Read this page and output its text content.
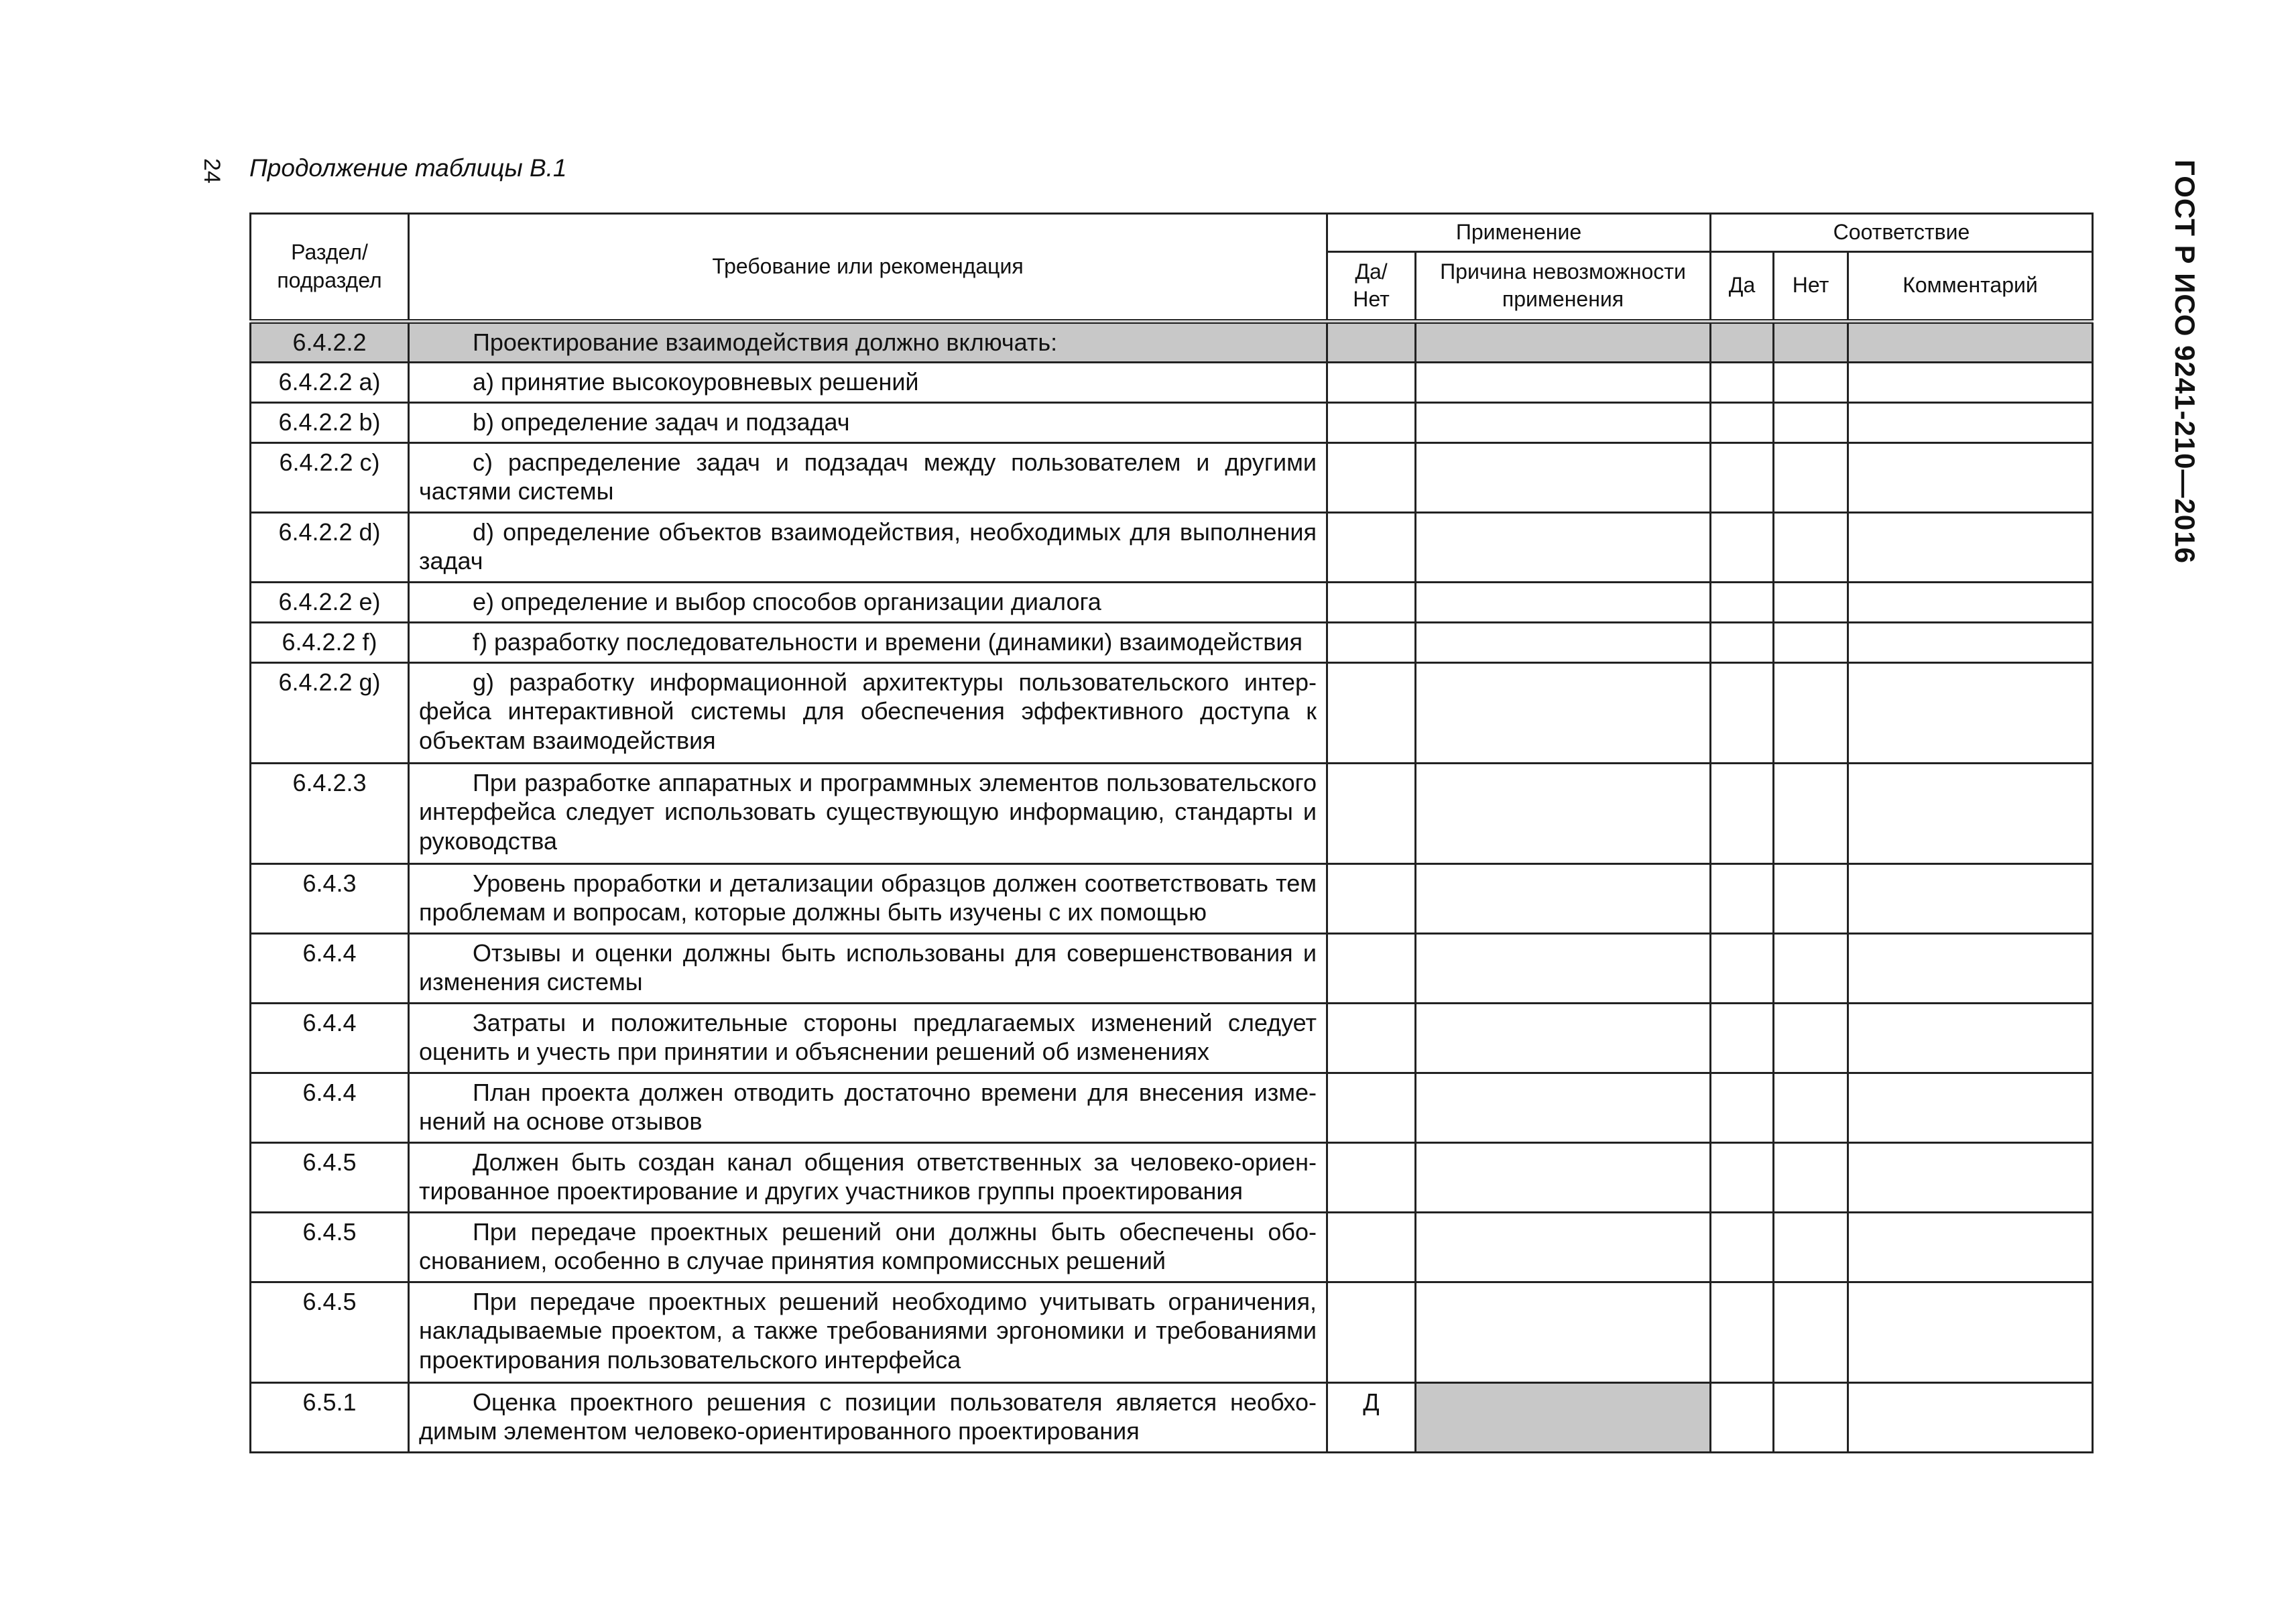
24 Продолжение таблицы В.1	ГОСТ Р ИСО 9241-210—2016
Раздел/ подраздел	Требование или рекомендация	Применение		Соответствие		
		Да/ Нет	Причина невозможности применения	Да	Нет	Комментарий
6.4.2.2	Проектирование взаимодействия должно включать:					
6.4.2.2 a)	a) принятие высокоуровневых решений					
6.4.2.2 b)	b) определение задач и подзадач					
6.4.2.2 c)	c) распределение задач и подзадач между пользователем и другими частями системы					
6.4.2.2 d)	d) определение объектов взаимодействия, необходимых для выполнения задач					
6.4.2.2 e)	e) определение и выбор способов организации диалога					
6.4.2.2 f)	f) разработку последовательности и времени (динамики) взаимодействия					
6.4.2.2 g)	g) разработку информационной архитектуры пользовательского интерфейса интерактивной системы для обеспечения эффективного доступа к объектам взаимодействия					
6.4.2.3	При разработке аппаратных и программных элементов пользовательского интерфейса следует использовать существующую информацию, стандарты и руководства					
6.4.3	Уровень проработки и детализации образцов должен соответствовать тем проблемам и вопросам, которые должны быть изучены с их помощью					
6.4.4	Отзывы и оценки должны быть использованы для совершенствования и изменения системы					
6.4.4	Затраты и положительные стороны предлагаемых изменений следует оценить и учесть при принятии и объяснении решений об изменениях					
6.4.4	План проекта должен отводить достаточно времени для внесения изменений на основе отзывов					
6.4.5	Должен быть создан канал общения ответственных за человеко-ориентированное проектирование и других участников группы проектирования					
6.4.5	При передаче проектных решений они должны быть обеспечены обоснованием, особенно в случае принятия компромиссных решений					
6.4.5	При передаче проектных решений необходимо учитывать ограничения, накладываемые проектом, а также требованиями эргономики и требованиями проектирования пользовательского интерфейса					
6.5.1	Оценка проектного решения с позиции пользователя является необходимым элементом человеко-ориентированного проектирования	Д				
